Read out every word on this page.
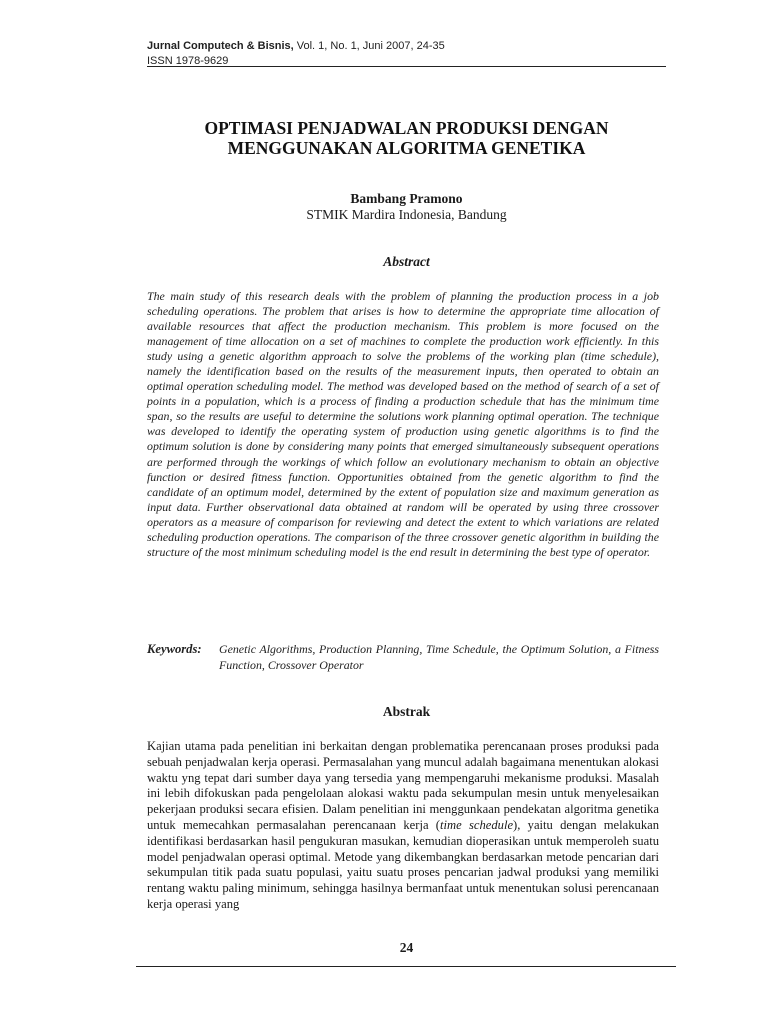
Jurnal Computech & Bisnis, Vol. 1, No. 1, Juni 2007, 24-35
ISSN 1978-9629
OPTIMASI PENJADWALAN PRODUKSI DENGAN
MENGGUNAKAN ALGORITMA GENETIKA
Bambang Pramono
STMIK Mardira Indonesia, Bandung
Abstract
The main study of this research deals with the problem of planning the production process in a job scheduling operations. The problem that arises is how to determine the appropriate time allocation of available resources that affect the production mechanism. This problem is more focused on the management of time allocation on a set of machines to complete the production work efficiently. In this study using a genetic algorithm approach to solve the problems of the working plan (time schedule), namely the identification based on the results of the measurement inputs, then operated to obtain an optimal operation scheduling model. The method was developed based on the method of search of a set of points in a population, which is a process of finding a production schedule that has the minimum time span, so the results are useful to determine the solutions work planning optimal operation. The technique was developed to identify the operating system of production using genetic algorithms is to find the optimum solution is done by considering many points that emerged simultaneously subsequent operations are performed through the workings of which follow an evolutionary mechanism to obtain an objective function or desired fitness function. Opportunities obtained from the genetic algorithm to find the candidate of an optimum model, determined by the extent of population size and maximum generation as input data. Further observational data obtained at random will be operated by using three crossover operators as a measure of comparison for reviewing and detect the extent to which variations are related scheduling production operations. The comparison of the three crossover genetic algorithm in building the structure of the most minimum scheduling model is the end result in determining the best type of operator.
Keywords:	Genetic Algorithms, Production Planning, Time Schedule, the Optimum Solution, a Fitness Function, Crossover Operator
Abstrak
Kajian utama pada penelitian ini berkaitan dengan problematika perencanaan proses produksi pada sebuah penjadwalan kerja operasi. Permasalahan yang muncul adalah bagaimana menentukan alokasi waktu yng tepat dari sumber daya yang tersedia yang mempengaruhi mekanisme produksi. Masalah ini lebih difokuskan pada pengelolaan alokasi waktu pada sekumpulan mesin untuk menyelesaikan pekerjaan produksi secara efisien. Dalam penelitian ini menggunkaan pendekatan algoritma genetika untuk memecahkan permasalahan perencanaan kerja (time schedule), yaitu dengan melakukan identifikasi berdasarkan hasil pengukuran masukan, kemudian dioperasikan untuk memperoleh suatu model penjadwalan operasi optimal. Metode yang dikembangkan berdasarkan metode pencarian dari sekumpulan titik pada suatu populasi, yaitu suatu proses pencarian jadwal produksi yang memiliki rentang waktu paling minimum, sehingga hasilnya bermanfaat untuk menentukan solusi perencanaan kerja operasi yang
24
